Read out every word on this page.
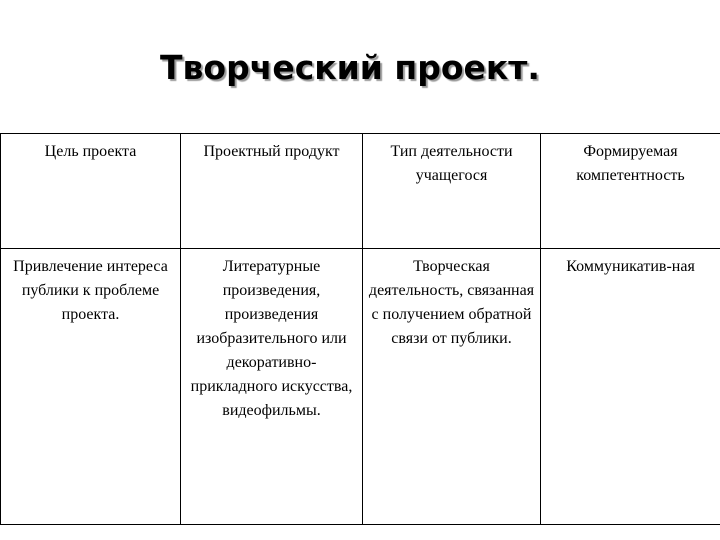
Творческий проект.
Цель проекта	Проектный продукт	Тип деятельности учащегося	Формируемая компетентность

Привлечение интереса публики к проблеме проекта.	Литературные произведения, произведения изобразительного или декоративно-прикладного искусства, видеофильмы.	Творческая деятельность, связанная с получением обратной связи от публики.	Коммуникатив-ная
